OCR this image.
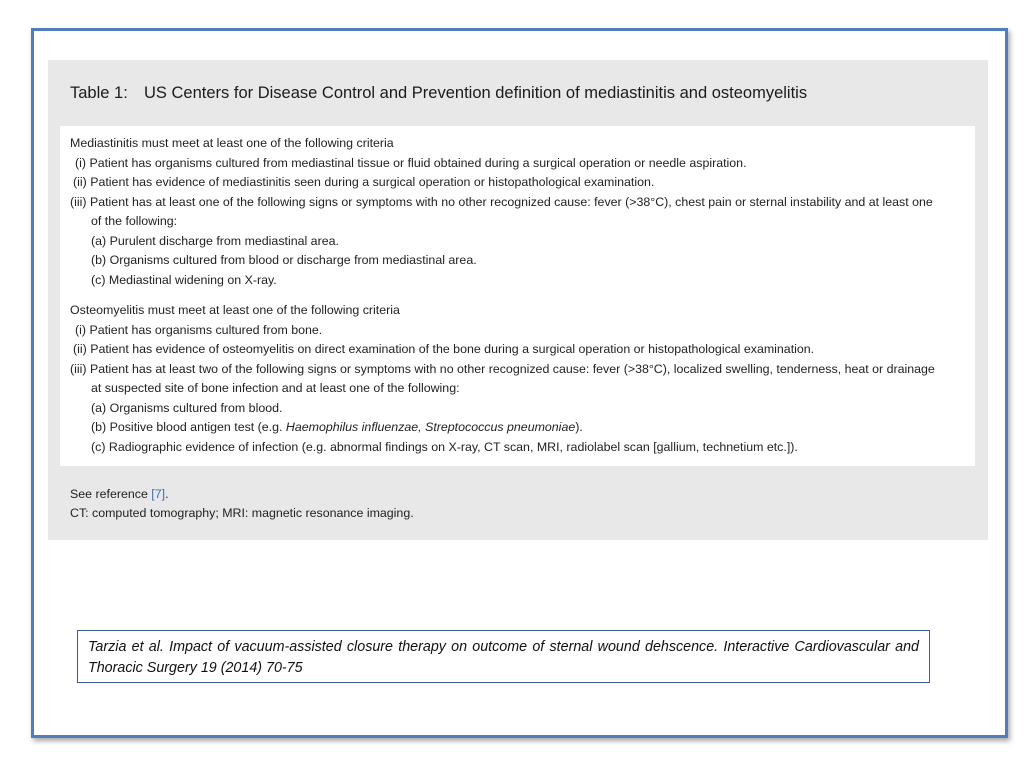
Table 1: US Centers for Disease Control and Prevention definition of mediastinitis and osteomyelitis
Mediastinitis must meet at least one of the following criteria
(i) Patient has organisms cultured from mediastinal tissue or fluid obtained during a surgical operation or needle aspiration.
(ii) Patient has evidence of mediastinitis seen during a surgical operation or histopathological examination.
(iii) Patient has at least one of the following signs or symptoms with no other recognized cause: fever (>38°C), chest pain or sternal instability and at least one
of the following:
(a) Purulent discharge from mediastinal area.
(b) Organisms cultured from blood or discharge from mediastinal area.
(c) Mediastinal widening on X-ray.
Osteomyelitis must meet at least one of the following criteria
(i) Patient has organisms cultured from bone.
(ii) Patient has evidence of osteomyelitis on direct examination of the bone during a surgical operation or histopathological examination.
(iii) Patient has at least two of the following signs or symptoms with no other recognized cause: fever (>38°C), localized swelling, tenderness, heat or drainage
at suspected site of bone infection and at least one of the following:
(a) Organisms cultured from blood.
(b) Positive blood antigen test (e.g. Haemophilus influenzae, Streptococcus pneumoniae).
(c) Radiographic evidence of infection (e.g. abnormal findings on X-ray, CT scan, MRI, radiolabel scan [gallium, technetium etc.]).
See reference [7].
CT: computed tomography; MRI: magnetic resonance imaging.
Tarzia et al. Impact of vacuum-assisted closure therapy on outcome of sternal wound dehscence. Interactive Cardiovascular and Thoracic Surgery 19 (2014) 70-75
